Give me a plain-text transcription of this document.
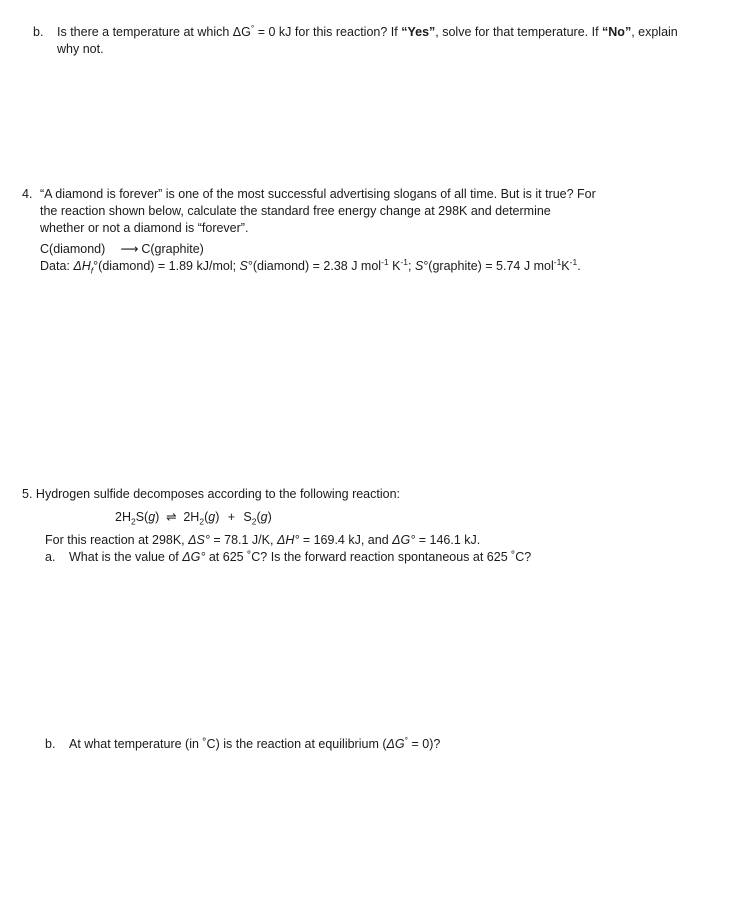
b. Is there a temperature at which ΔG° = 0 kJ for this reaction? If “Yes”, solve for that temperature. If “No”, explain
why not.
4. “A diamond is forever” is one of the most successful advertising slogans of all time. But is it true? For
the reaction shown below, calculate the standard free energy change at 298K and determine
whether or not a diamond is “forever”.
C(diamond) ⟶ C(graphite)
Data: $\Delta H_f^\circ(diamond) = 1.89$ kJ/mol; S°(diamond) = 2.38 J mol$^{-1}$ $K^{-1}$; S°(graphite) = 5.74 J $mol^{-1}K^{-1}$.
5. Hydrogen sulfide decomposes according to the following reaction:
$2H_2S(g)$ ⇌ $2H_2(g) + S_2(g)$
For this reaction at 298K, ΔS° = 78.1 J/K, ΔH° = 169.4 kJ, and ΔG° = 146.1 kJ.
a. What is the value of ΔG° at 625 ˚C? Is the forward reaction spontaneous at 625 ˚C?
b. At what temperature (in ˚C) is the reaction at equilibrium (ΔG° = 0)?
